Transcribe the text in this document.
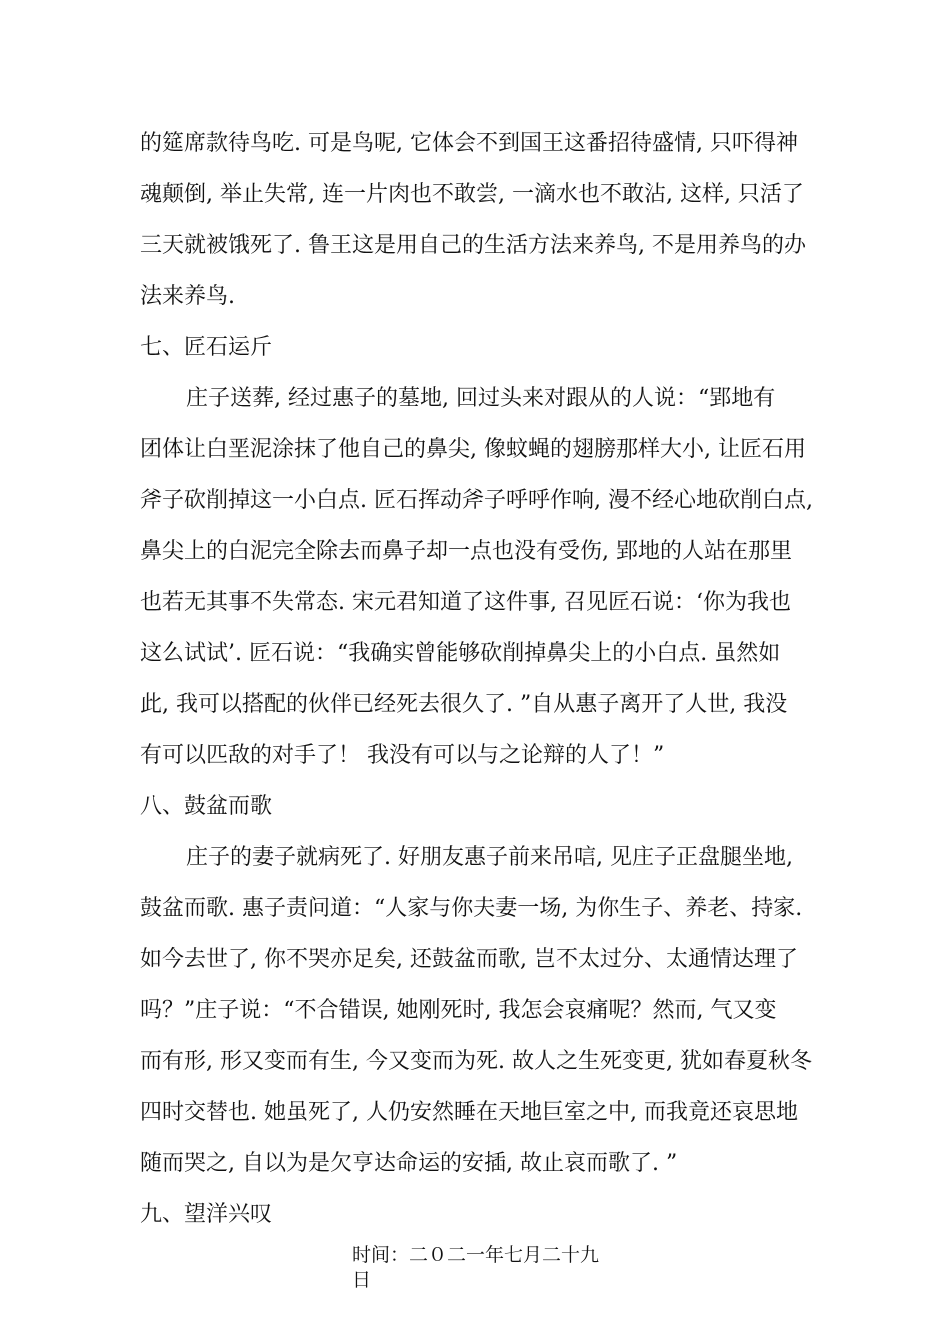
的筵席款待鸟吃. 可是鸟呢, 它体会不到国王这番招待盛情, 只吓得神
魂颠倒, 举止失常, 连一片肉也不敢尝, 一滴水也不敢沾, 这样, 只活了
三天就被饿死了. 鲁王这是用自己的生活方法来养鸟, 不是用养鸟的办
法来养鸟.
七、匠石运斤
庄子送葬, 经过惠子的墓地, 回过头来对跟从的人说：“郢地有
团体让白垩泥涂抹了他自己的鼻尖, 像蚊蝇的翅膀那样大小, 让匠石用
斧子砍削掉这一小白点. 匠石挥动斧子呼呼作响, 漫不经心地砍削白点,
鼻尖上的白泥完全除去而鼻子却一点也没有受伤, 郢地的人站在那里
也若无其事不失常态. 宋元君知道了这件事, 召见匠石说：‘你为我也
这么试试’. 匠石说：“我确实曾能够砍削掉鼻尖上的小白点. 虽然如
此, 我可以搭配的伙伴已经死去很久了. ”自从惠子离开了人世, 我没
有可以匹敌的对手了！ 我没有可以与之论辩的人了！”
八、鼓盆而歌
庄子的妻子就病死了. 好朋友惠子前来吊唁, 见庄子正盘腿坐地,
鼓盆而歌. 惠子责问道：“人家与你夫妻一场, 为你生子、养老、持家.
如今去世了, 你不哭亦足矣, 还鼓盆而歌, 岂不太过分、太通情达理了
吗？”庄子说：“不合错误, 她刚死时, 我怎会哀痛呢？然而, 气又变
而有形, 形又变而有生, 今又变而为死. 故人之生死变更, 犹如春夏秋冬
四时交替也. 她虽死了, 人仍安然睡在天地巨室之中, 而我竟还哀思地
随而哭之, 自以为是欠亨达命运的安插, 故止哀而歌了. ”
九、望洋兴叹
时间：二０二一年七月二十九
日
